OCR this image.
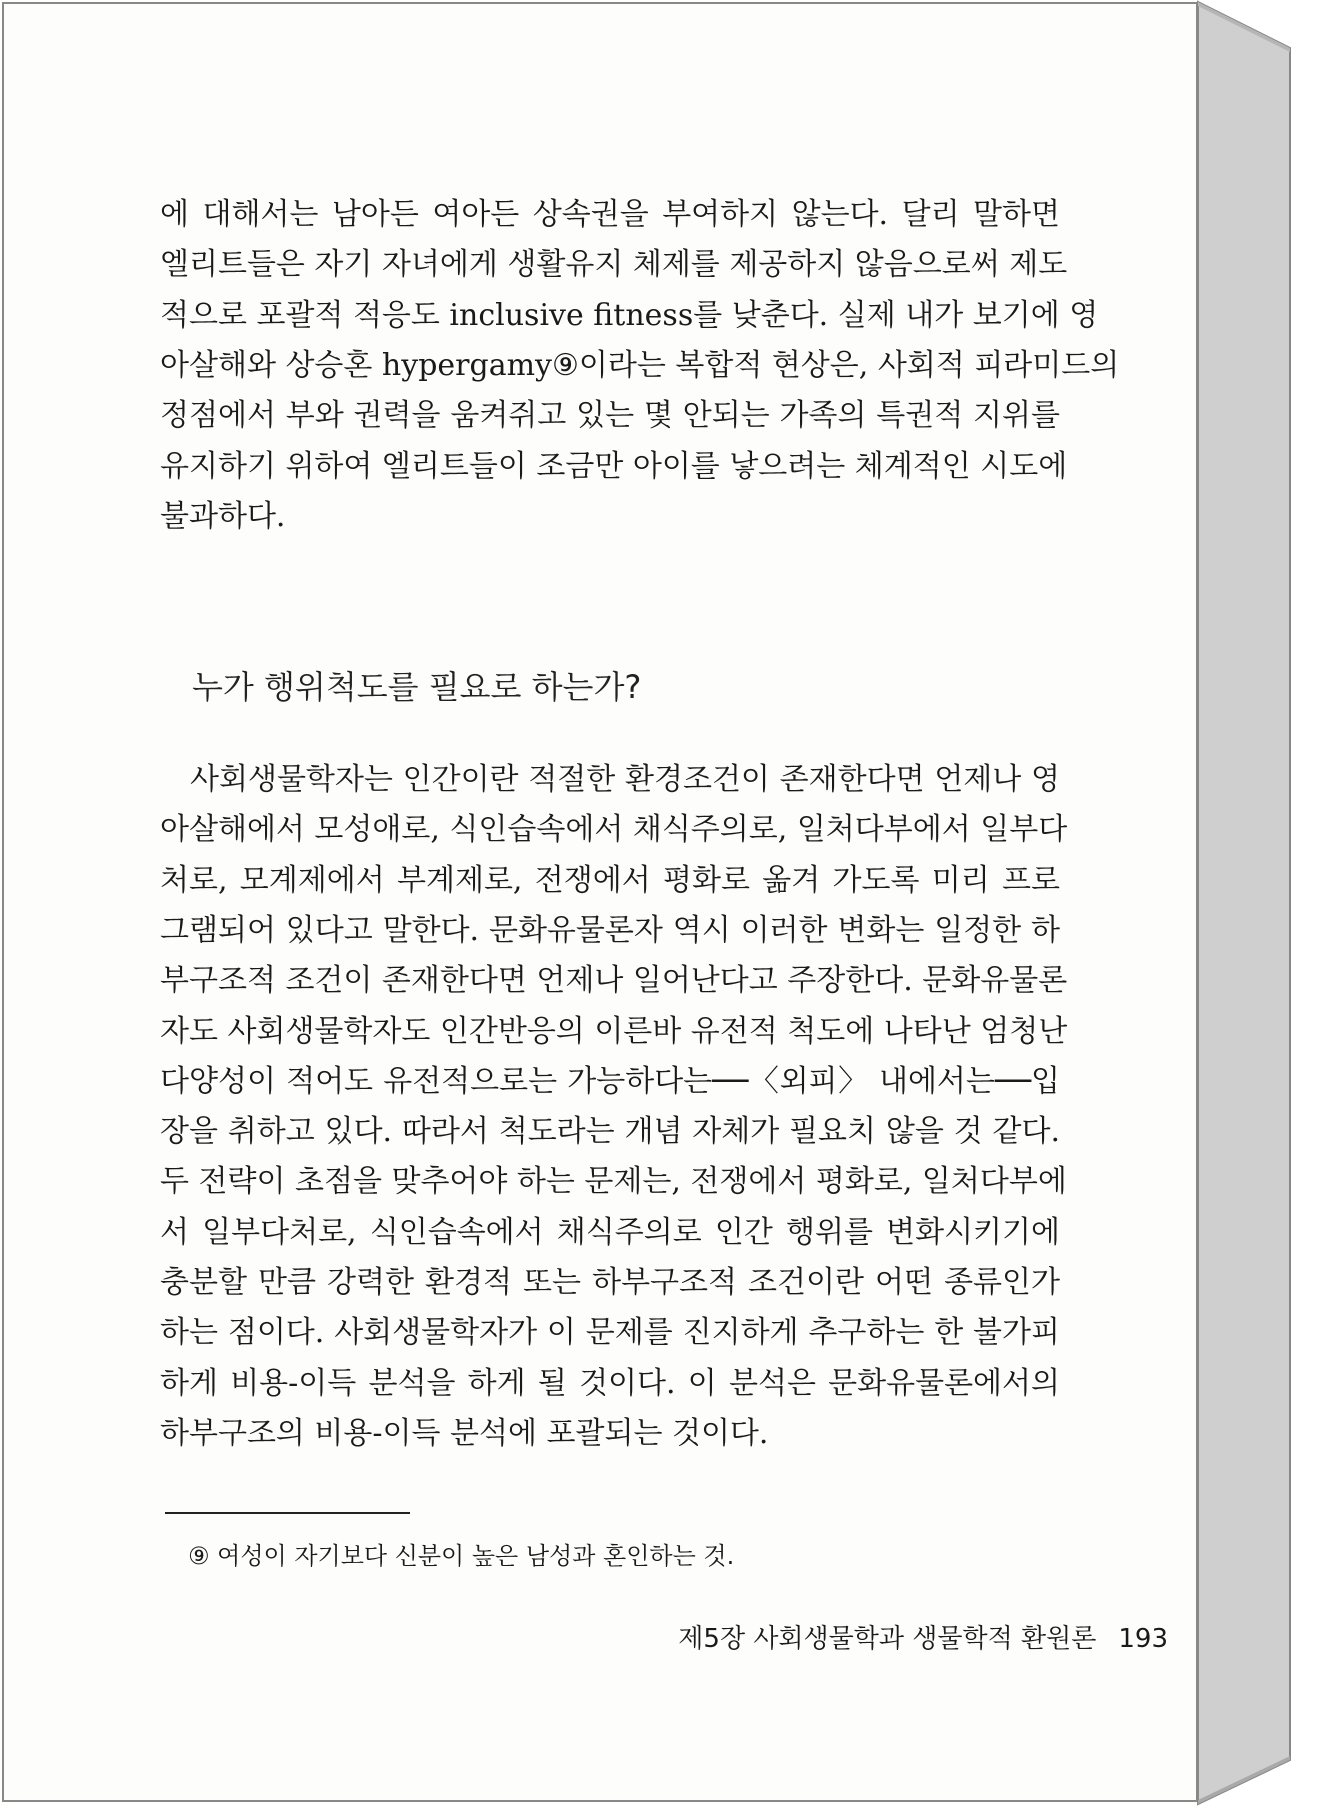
에 대해서는 남아든 여아든 상속권을 부여하지 않는다. 달리 말하면
엘리트들은 자기 자녀에게 생활유지 체제를 제공하지 않음으로써 제도
적으로 포괄적 적응도 inclusive fitness를 낮춘다. 실제 내가 보기에 영
아살해와 상승혼 hypergamy⑨이라는 복합적 현상은, 사회적 피라미드의
정점에서 부와 권력을 움켜쥐고 있는 몇 안되는 가족의 특권적 지위를
유지하기 위하여 엘리트들이 조금만 아이를 낳으려는 체계적인 시도에
불과하다.
누가 행위척도를 필요로 하는가?
사회생물학자는 인간이란 적절한 환경조건이 존재한다면 언제나 영
아살해에서 모성애로, 식인습속에서 채식주의로, 일처다부에서 일부다
처로, 모계제에서 부계제로, 전쟁에서 평화로 옮겨 가도록 미리 프로
그램되어 있다고 말한다. 문화유물론자 역시 이러한 변화는 일정한 하
부구조적 조건이 존재한다면 언제나 일어난다고 주장한다. 문화유물론
자도 사회생물학자도 인간반응의 이른바 유전적 척도에 나타난 엄청난
다양성이 적어도 유전적으로는 가능하다는──〈외피〉 내에서는──입
장을 취하고 있다. 따라서 척도라는 개념 자체가 필요치 않을 것 같다.
두 전략이 초점을 맞추어야 하는 문제는, 전쟁에서 평화로, 일처다부에
서 일부다처로, 식인습속에서 채식주의로 인간 행위를 변화시키기에
충분할 만큼 강력한 환경적 또는 하부구조적 조건이란 어떤 종류인가
하는 점이다. 사회생물학자가 이 문제를 진지하게 추구하는 한 불가피
하게 비용-이득 분석을 하게 될 것이다. 이 분석은 문화유물론에서의
하부구조의 비용-이득 분석에 포괄되는 것이다.
⑨ 여성이 자기보다 신분이 높은 남성과 혼인하는 것.
제5장 사회생물학과 생물학적 환원론 193
